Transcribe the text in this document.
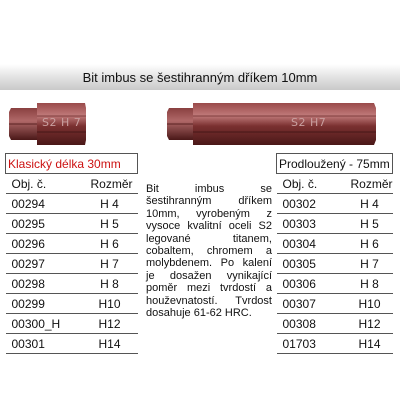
Bit imbus se šestihranným dříkem 10mm
S2 H 7	S2 H7
Klasický délka 30mm	
Obj. č.	Rozměr
00294	H 4
00295	H 5
00296	H 6
00297	H 7
00298	H 8
00299	H10
00300_H	H12
00301	H14
Bit imbus se šestihranným dříkem 10mm, vyrobeným z vysoce kvalitní oceli S2 legované titanem, cobaltem, chromem a molybdenem. Po kalení je dosažen vynikající poměr mezi tvrdostí a houževnatostí. Tvrdost dosahuje 61-62 HRC.
Prodloužený - 75mm	
Obj. č.	Rozměr
00302	H 4
00303	H 5
00304	H 6
00305	H 7
00306	H 8
00307	H10
00308	H12
01703	H14
